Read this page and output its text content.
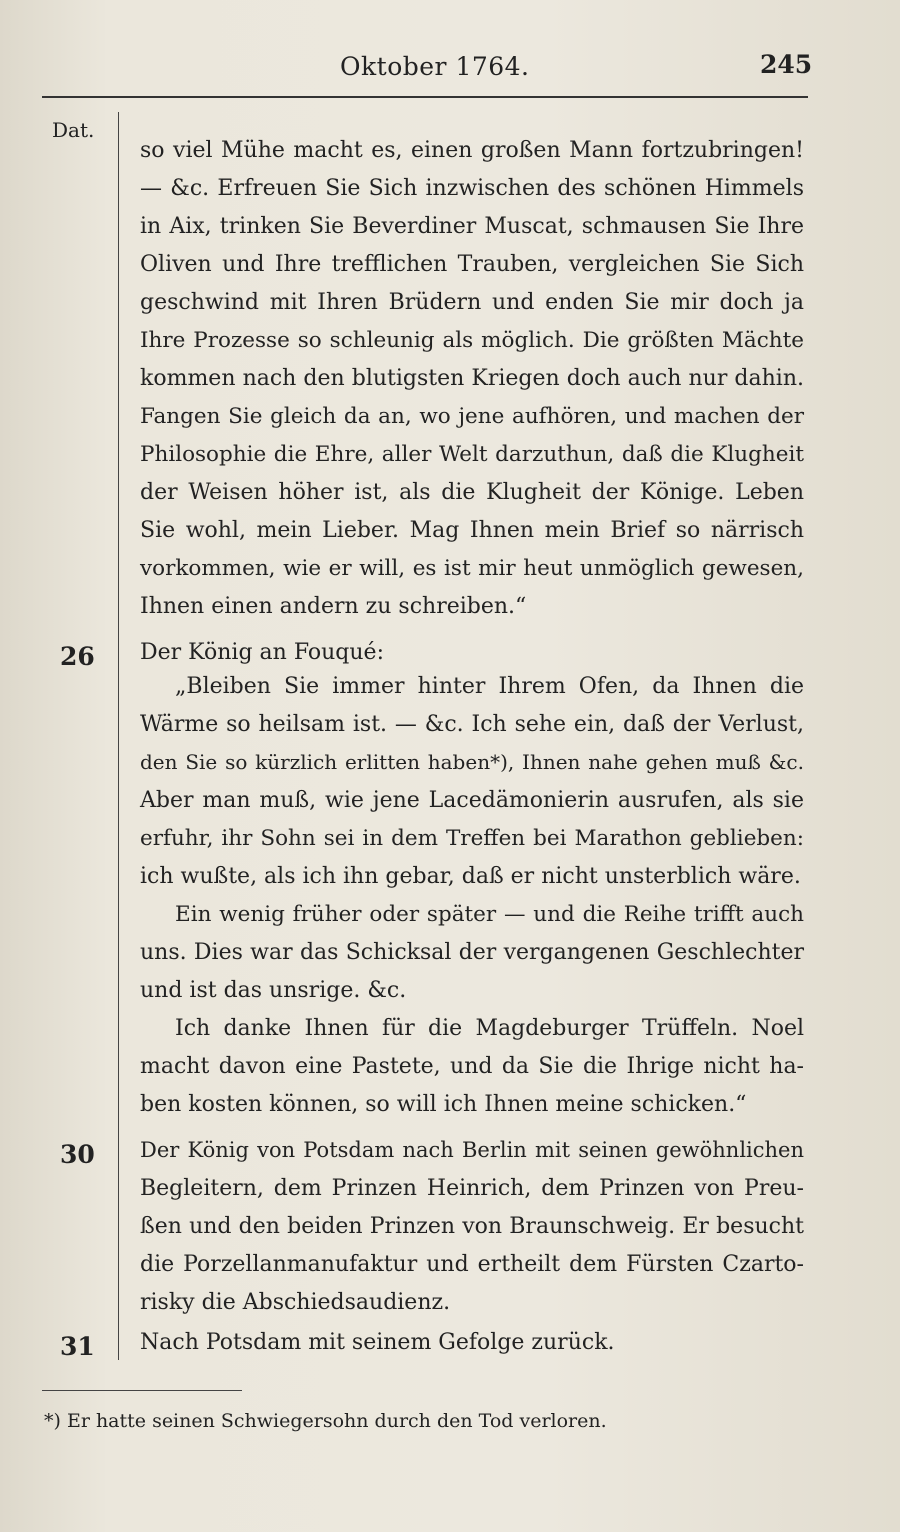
Oktober 1764.	245
Dat.
26
30
31
so viel Mühe macht es, einen großen Mann fortzubringen!
— &c. Erfreuen Sie Sich inzwischen des schönen Himmels
in Aix, trinken Sie Beverdiner Muscat, schmausen Sie Ihre
Oliven und Ihre trefflichen Trauben, vergleichen Sie Sich
geschwind mit Ihren Brüdern und enden Sie mir doch ja
Ihre Prozesse so schleunig als möglich. Die größten Mächte
kommen nach den blutigsten Kriegen doch auch nur dahin.
Fangen Sie gleich da an, wo jene aufhören, und machen der
Philosophie die Ehre, aller Welt darzuthun, daß die Klugheit
der Weisen höher ist, als die Klugheit der Könige. Leben
Sie wohl, mein Lieber. Mag Ihnen mein Brief so närrisch
vorkommen, wie er will, es ist mir heut unmöglich gewesen,
Ihnen einen andern zu schreiben.“
Der König an Fouqué:
„Bleiben Sie immer hinter Ihrem Ofen, da Ihnen die
Wärme so heilsam ist. — &c. Ich sehe ein, daß der Verlust,
den Sie so kürzlich erlitten haben*), Ihnen nahe gehen muß &c.
Aber man muß, wie jene Lacedämonierin ausrufen, als sie
erfuhr, ihr Sohn sei in dem Treffen bei Marathon geblieben:
ich wußte, als ich ihn gebar, daß er nicht unsterblich wäre.
Ein wenig früher oder später — und die Reihe trifft auch
uns. Dies war das Schicksal der vergangenen Geschlechter
und ist das unsrige. &c.
Ich danke Ihnen für die Magdeburger Trüffeln. Noel
macht davon eine Pastete, und da Sie die Ihrige nicht ha-
ben kosten können, so will ich Ihnen meine schicken.“
Der König von Potsdam nach Berlin mit seinen gewöhnlichen
Begleitern, dem Prinzen Heinrich, dem Prinzen von Preu-
ßen und den beiden Prinzen von Braunschweig. Er besucht
die Porzellanmanufaktur und ertheilt dem Fürsten Czarto-
risky die Abschiedsaudienz.
Nach Potsdam mit seinem Gefolge zurück.
*) Er hatte seinen Schwiegersohn durch den Tod verloren.
